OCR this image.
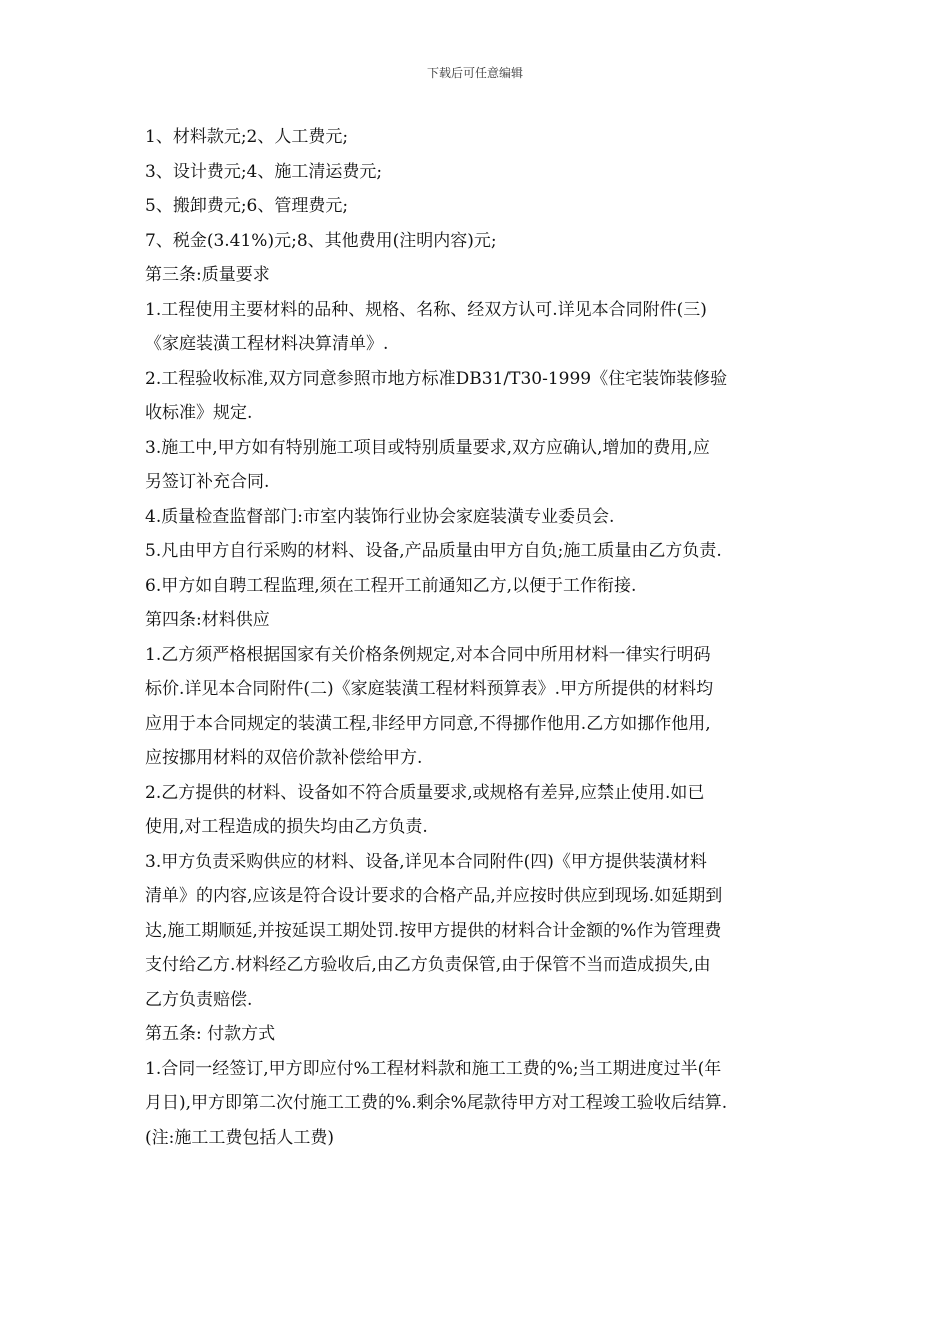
下载后可任意编辑
1、材料款元;2、人工费元;
3、设计费元;4、施工清运费元;
5、搬卸费元;6、管理费元;
7、税金(3.41%)元;8、其他费用(注明内容)元;
第三条:质量要求
1.工程使用主要材料的品种、规格、名称、经双方认可.详见本合同附件(三)
《家庭装潢工程材料决算清单》.
2.工程验收标准,双方同意参照市地方标准DB31/T30-1999《住宅装饰装修验
收标准》规定.
3.施工中,甲方如有特别施工项目或特别质量要求,双方应确认,增加的费用,应
另签订补充合同.
4.质量检查监督部门:市室内装饰行业协会家庭装潢专业委员会.
5.凡由甲方自行采购的材料、设备,产品质量由甲方自负;施工质量由乙方负责.
6.甲方如自聘工程监理,须在工程开工前通知乙方,以便于工作衔接.
第四条:材料供应
1.乙方须严格根据国家有关价格条例规定,对本合同中所用材料一律实行明码
标价.详见本合同附件(二)《家庭装潢工程材料预算表》.甲方所提供的材料均
应用于本合同规定的装潢工程,非经甲方同意,不得挪作他用.乙方如挪作他用,
应按挪用材料的双倍价款补偿给甲方.
2.乙方提供的材料、设备如不符合质量要求,或规格有差异,应禁止使用.如已
使用,对工程造成的损失均由乙方负责.
3.甲方负责采购供应的材料、设备,详见本合同附件(四)《甲方提供装潢材料
清单》的内容,应该是符合设计要求的合格产品,并应按时供应到现场.如延期到
达,施工期顺延,并按延误工期处罚.按甲方提供的材料合计金额的%作为管理费
支付给乙方.材料经乙方验收后,由乙方负责保管,由于保管不当而造成损失,由
乙方负责赔偿.
第五条: 付款方式
1.合同一经签订,甲方即应付%工程材料款和施工工费的%;当工期进度过半(年
月日),甲方即第二次付施工工费的%.剩余%尾款待甲方对工程竣工验收后结算.
(注:施工工费包括人工费)
